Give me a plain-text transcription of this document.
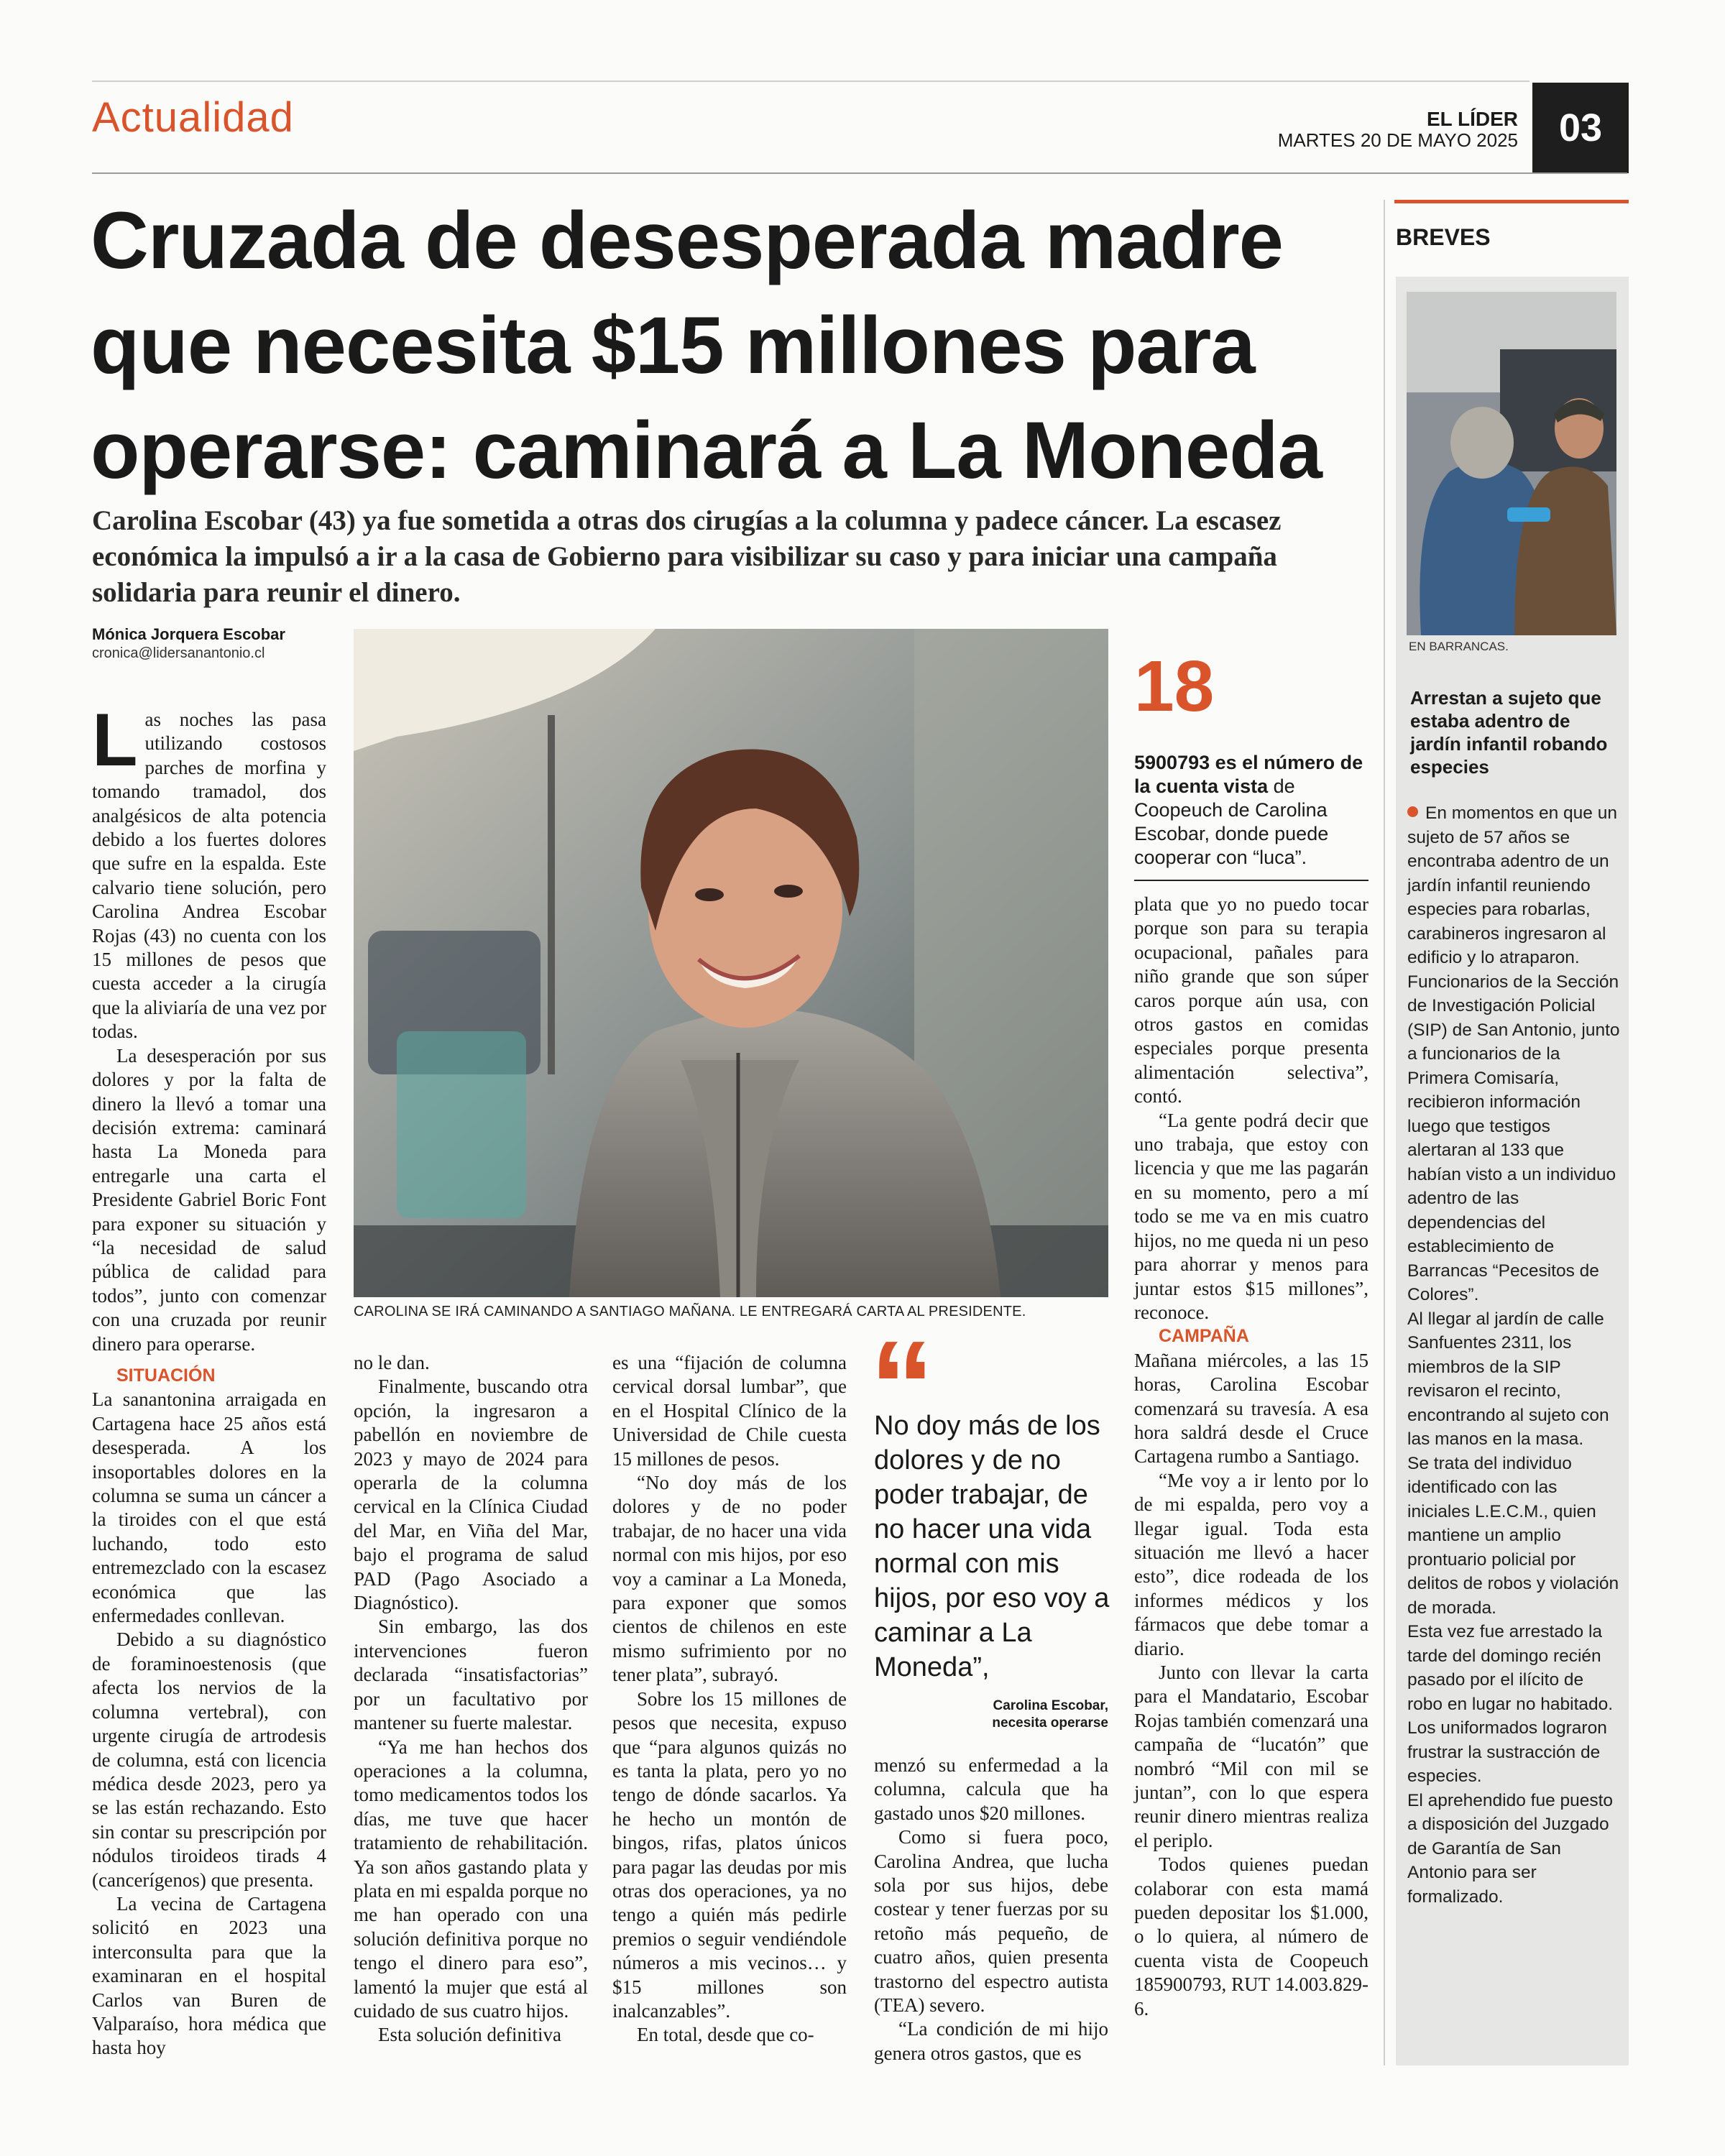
Actualidad	EL LÍDER
MARTES 20 DE MAYO 2025	03
Cruzada de desesperada madre
que necesita $15 millones para
operarse: caminará a La Moneda
Carolina Escobar (43) ya fue sometida a otras dos cirugías a la columna y padece cáncer. La escasez económica la impulsó a ir a la casa de Gobierno para visibilizar su caso y para iniciar una campaña solidaria para reunir el dinero.
Mónica Jorquera Escobar
cronica@lidersanantonio.cl
CAROLINA SE IRÁ CAMINANDO A SANTIAGO MAÑANA. LE ENTREGARÁ CARTA AL PRESIDENTE.

Las noches las pasa utilizando costosos parches de morfina y tomando tramadol, dos analgésicos de alta potencia debido a los fuertes dolores que sufre en la espalda. Este calvario tiene solución, pero Carolina Andrea Escobar Rojas (43) no cuenta con los 15 millones de pesos que cuesta acceder a la cirugía que la aliviaría de una vez por todas.

La desesperación por sus dolores y por la falta de dinero la llevó a tomar una decisión extrema: caminará hasta La Moneda para entregarle una carta el Presidente Gabriel Boric Font para exponer su situación y “la necesidad de salud pública de calidad para todos”, junto con comenzar con una cruzada por reunir dinero para operarse.

SITUACIÓN

La sanantonina arraigada en Cartagena hace 25 años está desesperada. A los insoportables dolores en la columna se suma un cáncer a la tiroides con el que está luchando, todo esto entremezclado con la escasez económica que las enfermedades conllevan.

Debido a su diagnóstico de foraminoestenosis (que afecta los nervios de la columna vertebral), con urgente cirugía de artrodesis de columna, está con licencia médica desde 2023, pero ya se las están rechazando. Esto sin contar su prescripción por nódulos tiroideos tirads 4 (cancerígenos) que presenta.

La vecina de Cartagena solicitó en 2023 una interconsulta para que la examinaran en el hospital Carlos van Buren de Valparaíso, hora médica que hasta hoy

no le dan.

Finalmente, buscando otra opción, la ingresaron a pabellón en noviembre de 2023 y mayo de 2024 para operarla de la columna cervical en la Clínica Ciudad del Mar, en Viña del Mar, bajo el programa de salud PAD (Pago Asociado a Diagnóstico).

Sin embargo, las dos intervenciones fueron declarada “insatisfactorias” por un facultativo por mantener su fuerte malestar.

“Ya me han hechos dos operaciones a la columna, tomo medicamentos todos los días, me tuve que hacer tratamiento de rehabilitación. Ya son años gastando plata y plata en mi espalda porque no me han operado con una solución definitiva porque no tengo el dinero para eso”, lamentó la mujer que está al cuidado de sus cuatro hijos.

Esta solución definitiva

es una “fijación de columna cervical dorsal lumbar”, que en el Hospital Clínico de la Universidad de Chile cuesta 15 millones de pesos.

“No doy más de los dolores y de no poder trabajar, de no hacer una vida normal con mis hijos, por eso voy a caminar a La Moneda, para exponer que somos cientos de chilenos en este mismo sufrimiento por no tener plata”, subrayó.

Sobre los 15 millones de pesos que necesita, expuso que “para algunos quizás no es tanta la plata, pero yo no tengo de dónde sacarlos. Ya he hecho un montón de bingos, rifas, platos únicos para pagar las deudas por mis otras dos operaciones, ya no tengo a quién más pedirle premios o seguir vendiéndole números a mis vecinos… y $15 millones son inalcanzables”.

En total, desde que co-

“
No doy más de los dolores y de no poder trabajar, de no hacer una vida normal con mis hijos, por eso voy a caminar a La Moneda”,
Carolina Escobar,
necesita operarse

menzó su enfermedad a la columna, calcula que ha gastado unos $20 millones.

Como si fuera poco, Carolina Andrea, que lucha sola por sus hijos, debe costear y tener fuerzas por su retoño más pequeño, de cuatro años, quien presenta trastorno del espectro autista (TEA) severo.

“La condición de mi hijo genera otros gastos, que es

18
5900793 es el número de la cuenta vista de Coopeuch de Carolina Escobar, donde puede cooperar con “luca”.

plata que yo no puedo tocar porque son para su terapia ocupacional, pañales para niño grande que son súper caros porque aún usa, con otros gastos en comidas especiales porque presenta alimentación selectiva”, contó.

“La gente podrá decir que uno trabaja, que estoy con licencia y que me las pagarán en su momento, pero a mí todo se me va en mis cuatro hijos, no me queda ni un peso para ahorrar y menos para juntar estos $15 millones”, reconoce.

CAMPAÑA

Mañana miércoles, a las 15 horas, Carolina Escobar comenzará su travesía. A esa hora saldrá desde el Cruce Cartagena rumbo a Santiago.

“Me voy a ir lento por lo de mi espalda, pero voy a llegar igual. Toda esta situación me llevó a hacer esto”, dice rodeada de los informes médicos y los fármacos que debe tomar a diario.

Junto con llevar la carta para el Mandatario, Escobar Rojas también comenzará una campaña de “lucatón” que nombró “Mil con mil se juntan”, con lo que espera reunir dinero mientras realiza el periplo.

Todos quienes puedan colaborar con esta mamá pueden depositar los $1.000, o lo quiera, al número de cuenta vista de Coopeuch 185900793, RUT 14.003.829-6.

BREVES
EN BARRANCAS.
Arrestan a sujeto que estaba adentro de jardín infantil robando especies

En momentos en que un sujeto de 57 años se encontraba adentro de un jardín infantil reuniendo especies para robarlas, carabineros ingresaron al edificio y lo atraparon.

Funcionarios de la Sección de Investigación Policial (SIP) de San Antonio, junto a funcionarios de la Primera Comisaría, recibieron información luego que testigos alertaran al 133 que habían visto a un individuo adentro de las dependencias del establecimiento de Barrancas “Pecesitos de Colores”.

Al llegar al jardín de calle Sanfuentes 2311, los miembros de la SIP revisaron el recinto, encontrando al sujeto con las manos en la masa.

Se trata del individuo identificado con las iniciales L.E.C.M., quien mantiene un amplio prontuario policial por delitos de robos y violación de morada.

Esta vez fue arrestado la tarde del domingo recién pasado por el ilícito de robo en lugar no habitado. Los uniformados lograron frustrar la sustracción de especies.

El aprehendido fue puesto a disposición del Juzgado de Garantía de San Antonio para ser formalizado.
